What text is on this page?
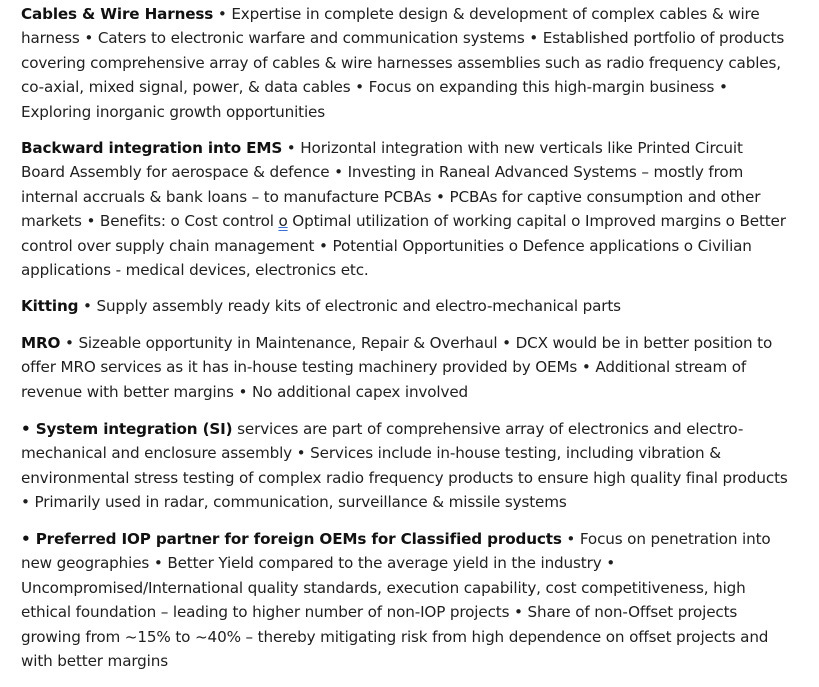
Cables & Wire Harness • Expertise in complete design & development of complex cables & wire harness • Caters to electronic warfare and communication systems • Established portfolio of products covering comprehensive array of cables & wire harnesses assemblies such as radio frequency cables, co-axial, mixed signal, power, & data cables • Focus on expanding this high-margin business • Exploring inorganic growth opportunities

Backward integration into EMS • Horizontal integration with new verticals like Printed Circuit Board Assembly for aerospace & defence • Investing in Raneal Advanced Systems – mostly from internal accruals & bank loans – to manufacture PCBAs • PCBAs for captive consumption and other markets • Benefits: o Cost control o Optimal utilization of working capital o Improved margins o Better control over supply chain management • Potential Opportunities o Defence applications o Civilian applications - medical devices, electronics etc.

Kitting • Supply assembly ready kits of electronic and electro-mechanical parts

MRO • Sizeable opportunity in Maintenance, Repair & Overhaul • DCX would be in better position to offer MRO services as it has in-house testing machinery provided by OEMs • Additional stream of revenue with better margins • No additional capex involved

• System integration (SI) services are part of comprehensive array of electronics and electro-mechanical and enclosure assembly • Services include in-house testing, including vibration & environmental stress testing of complex radio frequency products to ensure high quality final products • Primarily used in radar, communication, surveillance & missile systems

• Preferred IOP partner for foreign OEMs for Classified products • Focus on penetration into new geographies • Better Yield compared to the average yield in the industry • Uncompromised/International quality standards, execution capability, cost competitiveness, high ethical foundation – leading to higher number of non-IOP projects • Share of non-Offset projects growing from ~15% to ~40% – thereby mitigating risk from high dependence on offset projects and with better margins
